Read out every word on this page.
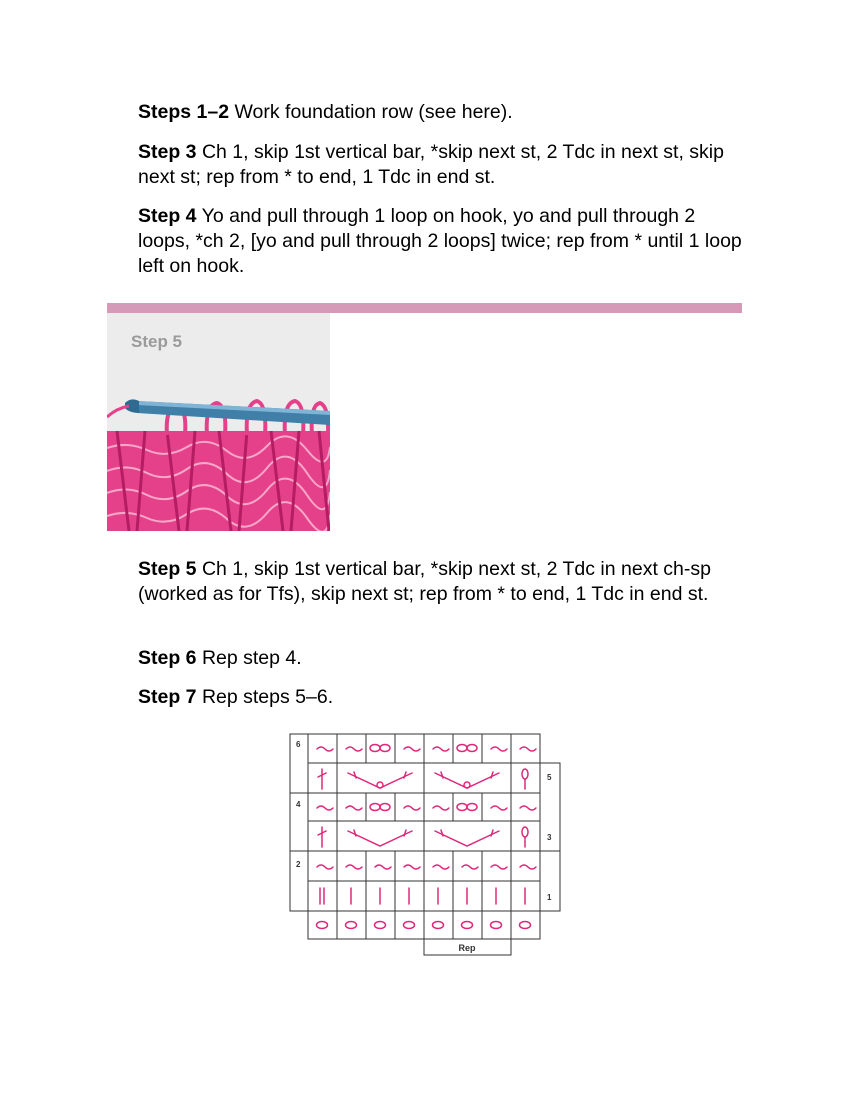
Steps 1–2 Work foundation row (see here).

Step 3 Ch 1, skip 1st vertical bar, *skip next st, 2 Tdc in next st, skip next st; rep from * to end, 1 Tdc in end st.

Step 4 Yo and pull through 1 loop on hook, yo and pull through 2 loops, *ch 2, [yo and pull through 2 loops] twice; rep from * until 1 loop left on hook.

Step 5

Step 5 Ch 1, skip 1st vertical bar, *skip next st, 2 Tdc in next ch-sp (worked as for Tfs), skip next st; rep from * to end, 1 Tdc in end st.

Step 6 Rep step 4.

Step 7 Rep steps 5–6.

6
4
2
5
3
1
Rep
